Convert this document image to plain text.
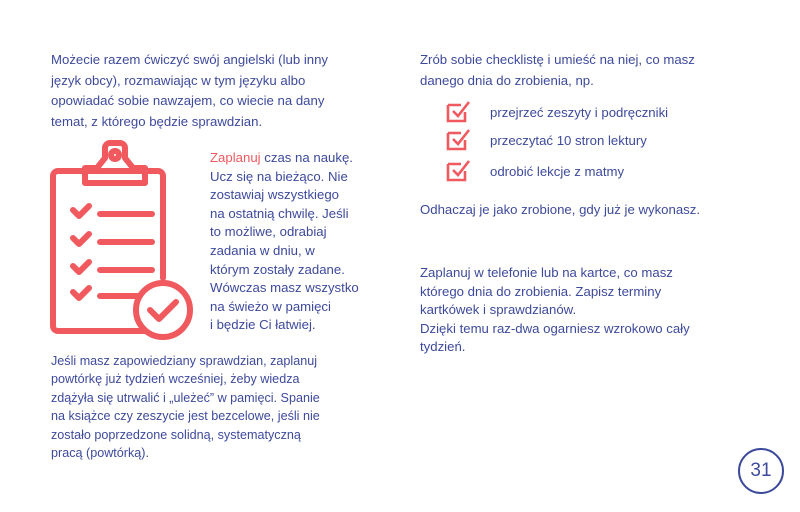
Możecie razem ćwiczyć swój angielski (lub inny
język obcy), rozmawiając w tym języku albo
opowiadać sobie nawzajem, co wiecie na dany
temat, z którego będzie sprawdzian.
Zaplanuj czas na naukę.
Ucz się na bieżąco. Nie
zostawiaj wszystkiego
na ostatnią chwilę. Jeśli
to możliwe, odrabiaj
zadania w dniu, w
którym zostały zadane.
Wówczas masz wszystko
na świeżo w pamięci
i będzie Ci łatwiej.
Jeśli masz zapowiedziany sprawdzian, zaplanuj
powtórkę już tydzień wcześniej, żeby wiedza
zdążyła się utrwalić i „uleżeć” w pamięci. Spanie
na książce czy zeszycie jest bezcelowe, jeśli nie
zostało poprzedzone solidną, systematyczną
pracą (powtórką).
Zrób sobie checklistę i umieść na niej, co masz
danego dnia do zrobienia, np.
przejrzeć zeszyty i podręczniki
przeczytać 10 stron lektury
odrobić lekcje z matmy
Odhaczaj je jako zrobione, gdy już je wykonasz.
Zaplanuj w telefonie lub na kartce, co masz
którego dnia do zrobienia. Zapisz terminy
kartkówek i sprawdzianów.
Dzięki temu raz-dwa ogarniesz wzrokowo cały
tydzień.
31
